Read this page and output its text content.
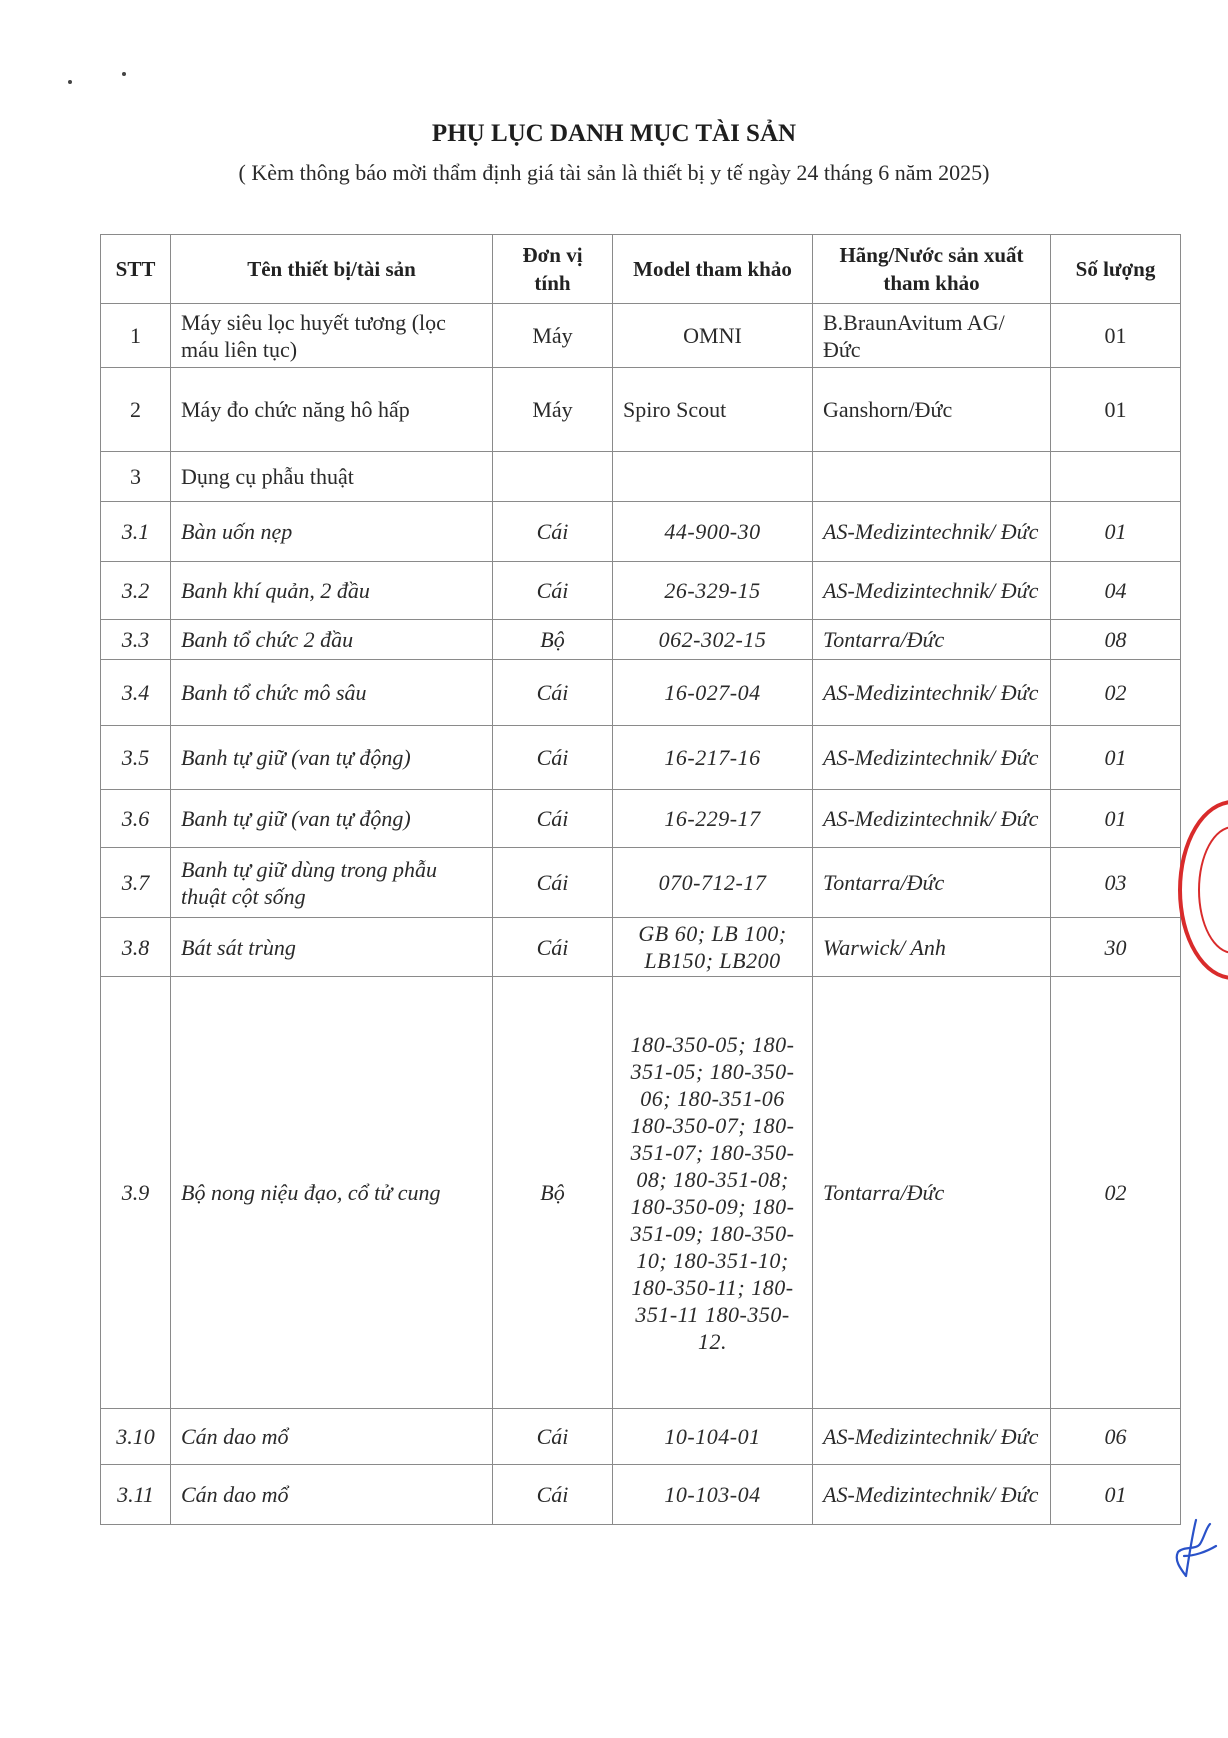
PHỤ LỤC DANH MỤC TÀI SẢN
( Kèm thông báo mời thẩm định giá tài sản là thiết bị y tế ngày 24 tháng 6 năm 2025)
STT	Tên thiết bị/tài sản	Đơn vị tính	Model tham khảo	Hãng/Nước sản xuất tham khảo	Số lượng
1	Máy siêu lọc huyết tương (lọc máu liên tục)	Máy	OMNI	B.BraunAvitum AG/Đức	01
2	Máy đo chức năng hô hấp	Máy	Spiro Scout	Ganshorn/Đức	01
3	Dụng cụ phẫu thuật				
3.1	Bàn uốn nẹp	Cái	44-900-30	AS-Medizintechnik/ Đức	01
3.2	Banh khí quản, 2 đầu	Cái	26-329-15	AS-Medizintechnik/ Đức	04
3.3	Banh tổ chức 2 đầu	Bộ	062-302-15	Tontarra/Đức	08
3.4	Banh tổ chức mô sâu	Cái	16-027-04	AS-Medizintechnik/ Đức	02
3.5	Banh tự giữ (van tự động)	Cái	16-217-16	AS-Medizintechnik/ Đức	01
3.6	Banh tự giữ (van tự động)	Cái	16-229-17	AS-Medizintechnik/ Đức	01
3.7	Banh tự giữ dùng trong phẫu thuật cột sống	Cái	070-712-17	Tontarra/Đức	03
3.8	Bát sát trùng	Cái	GB 60; LB 100; LB150; LB200	Warwick/ Anh	30
3.9	Bộ nong niệu đạo, cổ tử cung	Bộ	180-350-05; 180-351-05; 180-350-06; 180-351-06 180-350-07; 180-351-07; 180-350-08; 180-351-08; 180-350-09; 180-351-09; 180-350-10; 180-351-10; 180-350-11; 180-351-11 180-350-12.	Tontarra/Đức	02
3.10	Cán dao mổ	Cái	10-104-01	AS-Medizintechnik/ Đức	06
3.11	Cán dao mổ	Cái	10-103-04	AS-Medizintechnik/ Đức	01
